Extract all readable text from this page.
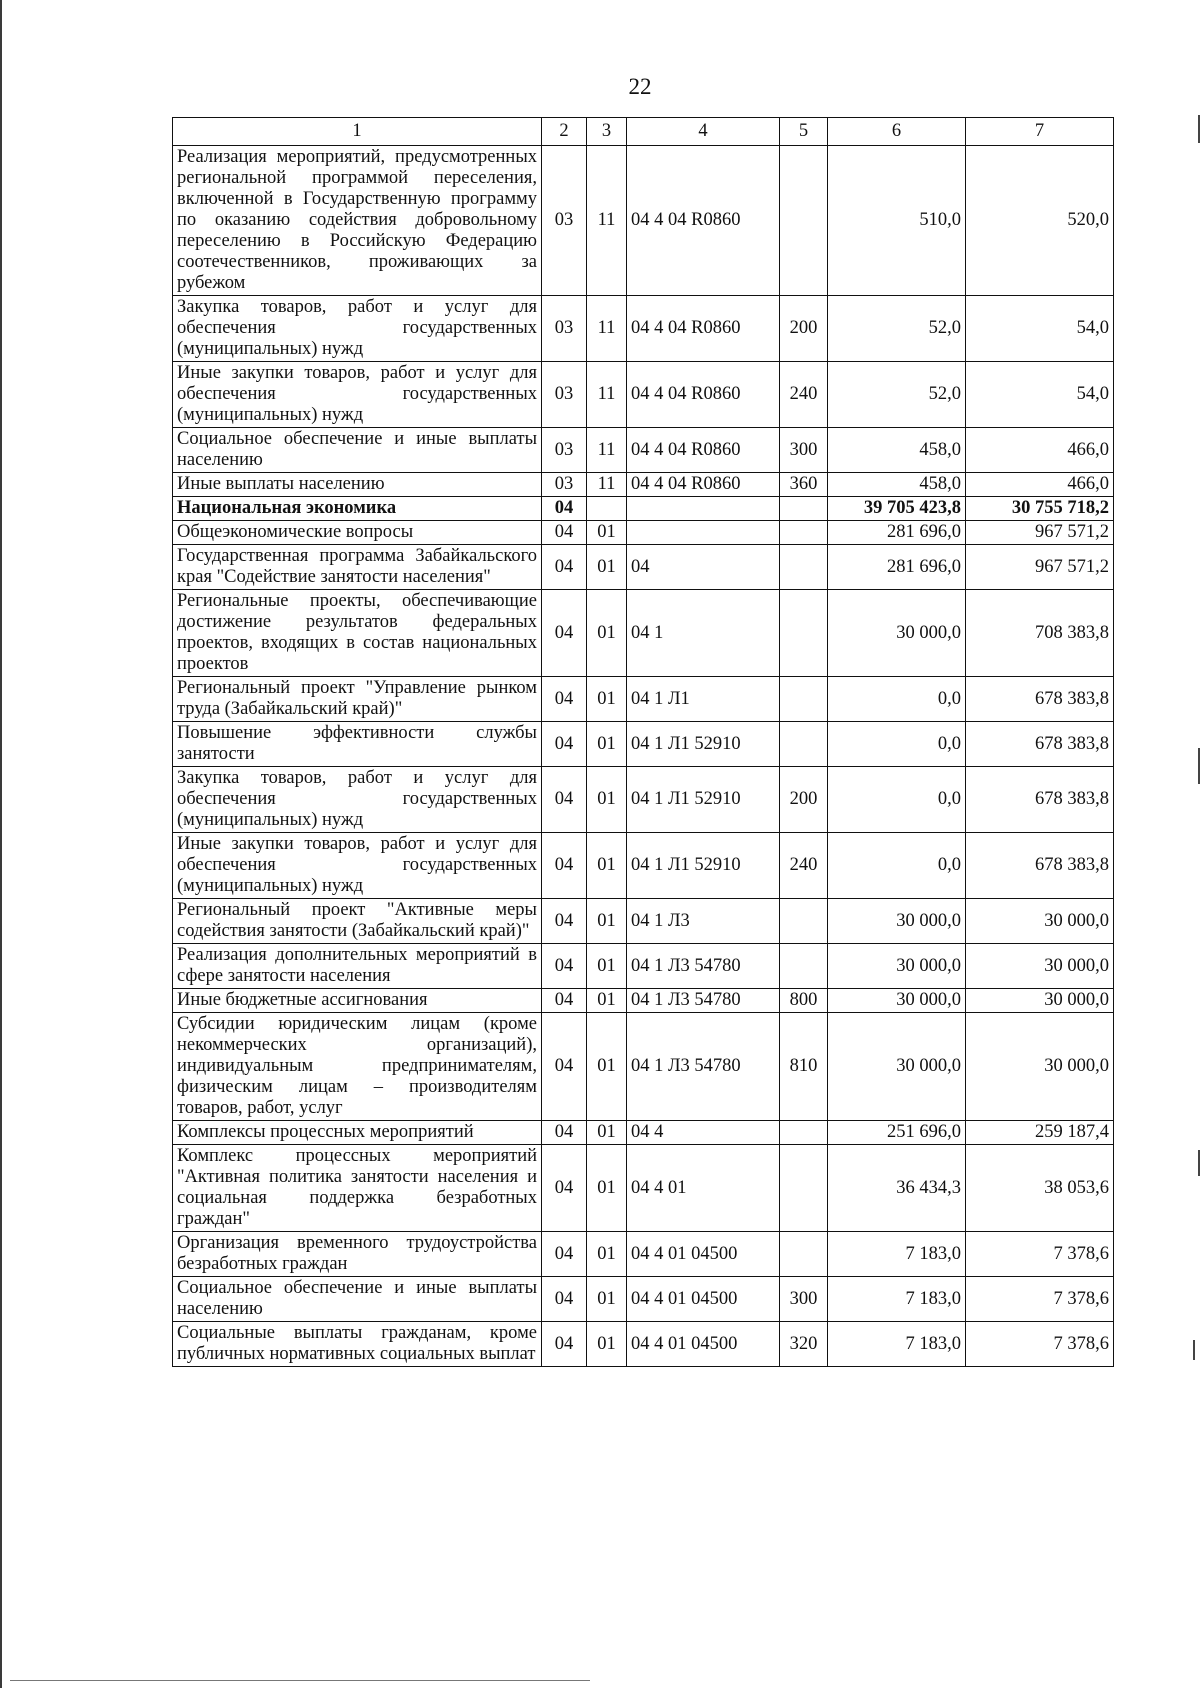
22
1	2	3	4	5	6	7
Реализация мероприятий, предусмотренных региональной программой переселения, включенной в Государственную программу по оказанию содействия добровольному переселению в Российскую Федерацию соотечественников, проживающих за рубежом	03	11	04 4 04 R0860		510,0	520,0
Закупка товаров, работ и услуг для обеспечения государственных (муниципальных) нужд	03	11	04 4 04 R0860	200	52,0	54,0
Иные закупки товаров, работ и услуг для обеспечения государственных (муниципальных) нужд	03	11	04 4 04 R0860	240	52,0	54,0
Социальное обеспечение и иные выплаты населению	03	11	04 4 04 R0860	300	458,0	466,0
Иные выплаты населению	03	11	04 4 04 R0860	360	458,0	466,0
Национальная экономика	04				39 705 423,8	30 755 718,2
Общеэкономические вопросы	04	01			281 696,0	967 571,2
Государственная программа Забайкальского края "Содействие занятости населения"	04	01	04		281 696,0	967 571,2
Региональные проекты, обеспечивающие достижение результатов федеральных проектов, входящих в состав национальных проектов	04	01	04 1		30 000,0	708 383,8
Региональный проект "Управление рынком труда (Забайкальский край)"	04	01	04 1 Л1		0,0	678 383,8
Повышение эффективности службы занятости	04	01	04 1 Л1 52910		0,0	678 383,8
Закупка товаров, работ и услуг для обеспечения государственных (муниципальных) нужд	04	01	04 1 Л1 52910	200	0,0	678 383,8
Иные закупки товаров, работ и услуг для обеспечения государственных (муниципальных) нужд	04	01	04 1 Л1 52910	240	0,0	678 383,8
Региональный проект "Активные меры содействия занятости (Забайкальский край)"	04	01	04 1 Л3		30 000,0	30 000,0
Реализация дополнительных мероприятий в сфере занятости населения	04	01	04 1 Л3 54780		30 000,0	30 000,0
Иные бюджетные ассигнования	04	01	04 1 Л3 54780	800	30 000,0	30 000,0
Субсидии юридическим лицам (кроме некоммерческих организаций), индивидуальным предпринимателям, физическим лицам – производителям товаров, работ, услуг	04	01	04 1 Л3 54780	810	30 000,0	30 000,0
Комплексы процессных мероприятий	04	01	04 4		251 696,0	259 187,4
Комплекс процессных мероприятий "Активная политика занятости населения и социальная поддержка безработных граждан"	04	01	04 4 01		36 434,3	38 053,6
Организация временного трудоустройства безработных граждан	04	01	04 4 01 04500		7 183,0	7 378,6
Социальное обеспечение и иные выплаты населению	04	01	04 4 01 04500	300	7 183,0	7 378,6
Социальные выплаты гражданам, кроме публичных нормативных социальных выплат	04	01	04 4 01 04500	320	7 183,0	7 378,6
